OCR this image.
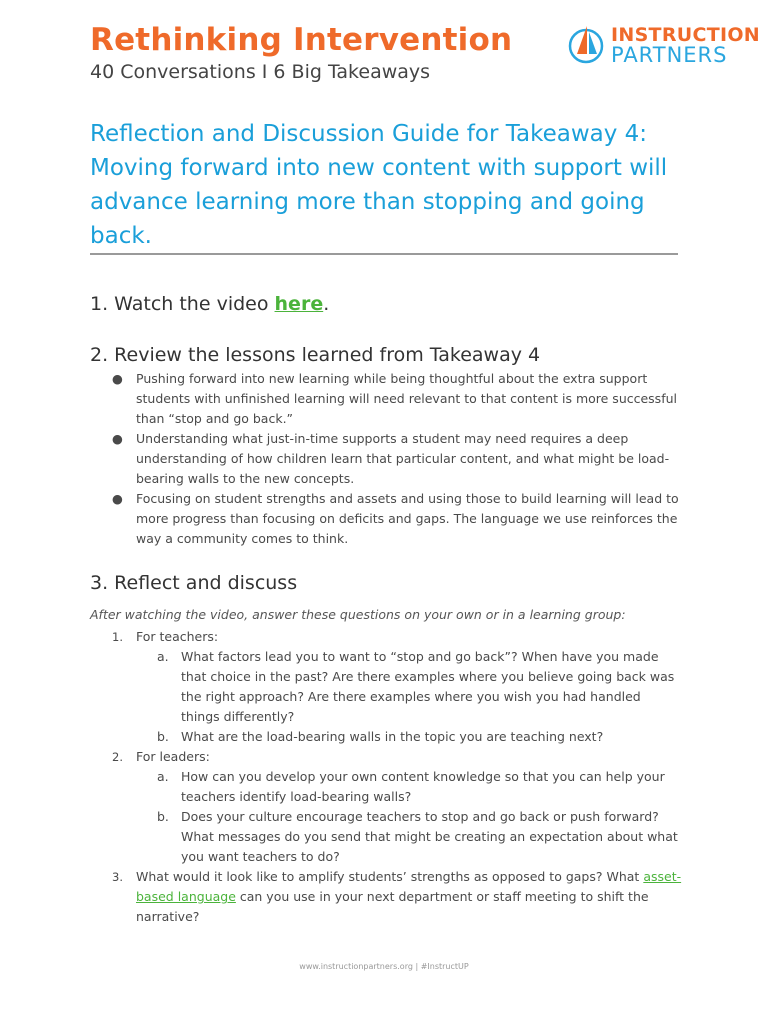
Rethinking Intervention
40 Conversations I 6 Big Takeaways
INSTRUCTION
PARTNERS
Reflection and Discussion Guide for Takeaway 4: Moving forward into new content with support will advance learning more than stopping and going back.
1. Watch the video here.
2. Review the lessons learned from Takeaway 4
● Pushing forward into new learning while being thoughtful about the extra support students with unfinished learning will need relevant to that content is more successful than “stop and go back.”
● Understanding what just-in-time supports a student may need requires a deep understanding of how children learn that particular content, and what might be load-bearing walls to the new concepts.
● Focusing on student strengths and assets and using those to build learning will lead to more progress than focusing on deficits and gaps. The language we use reinforces the way a community comes to think.
3. Reflect and discuss
After watching the video, answer these questions on your own or in a learning group:
1. For teachers:
a. What factors lead you to want to “stop and go back”? When have you made that choice in the past? Are there examples where you believe going back was the right approach? Are there examples where you wish you had handled things differently?
b. What are the load-bearing walls in the topic you are teaching next?
2. For leaders:
a. How can you develop your own content knowledge so that you can help your teachers identify load-bearing walls?
b. Does your culture encourage teachers to stop and go back or push forward? What messages do you send that might be creating an expectation about what you want teachers to do?
3. What would it look like to amplify students’ strengths as opposed to gaps? What asset-based language can you use in your next department or staff meeting to shift the narrative?
www.instructionpartners.org | #InstructUP
